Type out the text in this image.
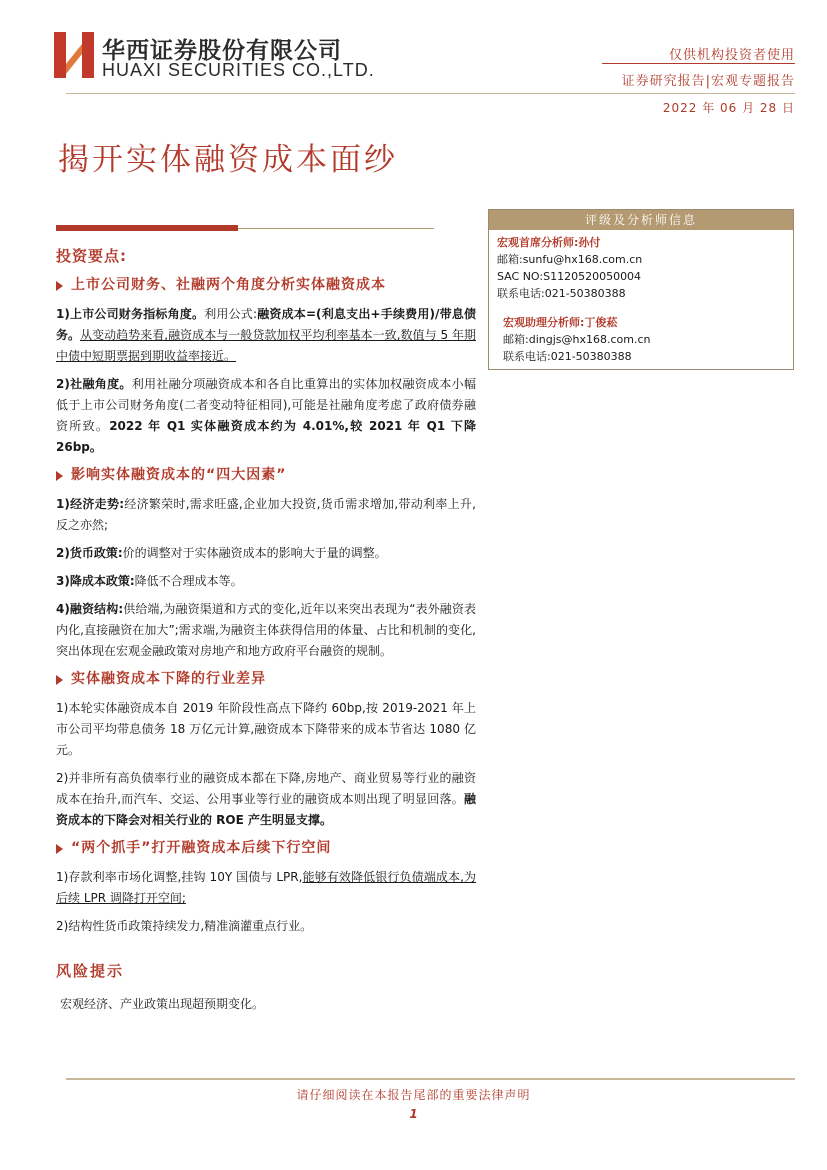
华西证券股份有限公司
HUAXI SECURITIES CO.,LTD.
仅供机构投资者使用
证券研究报告|宏观专题报告
2022 年 06 月 28 日
揭开实体融资成本面纱
投资要点:
上市公司财务、社融两个角度分析实体融资成本

1)上市公司财务指标角度。利用公式:融资成本=(利息支出+手续费用)/带息债务。从变动趋势来看,融资成本与一般贷款加权平均利率基本一致,数值与 5 年期中债中短期票据到期收益率接近。

2)社融角度。利用社融分项融资成本和各自比重算出的实体加权融资成本小幅低于上市公司财务角度(二者变动特征相同),可能是社融角度考虑了政府债券融资所致。2022 年 Q1 实体融资成本约为 4.01%,较 2021 年 Q1 下降 26bp。

影响实体融资成本的“四大因素”

1)经济走势:经济繁荣时,需求旺盛,企业加大投资,货币需求增加,带动利率上升,反之亦然;

2)货币政策:价的调整对于实体融资成本的影响大于量的调整。

3)降成本政策:降低不合理成本等。

4)融资结构:供给端,为融资渠道和方式的变化,近年以来突出表现为“表外融资表内化,直接融资在加大”;需求端,为融资主体获得信用的体量、占比和机制的变化,突出体现在宏观金融政策对房地产和地方政府平台融资的规制。

实体融资成本下降的行业差异

1)本轮实体融资成本自 2019 年阶段性高点下降约 60bp,按 2019-2021 年上市公司平均带息债务 18 万亿元计算,融资成本下降带来的成本节省达 1080 亿元。

2)并非所有高负债率行业的融资成本都在下降,房地产、商业贸易等行业的融资成本在抬升,而汽车、交运、公用事业等行业的融资成本则出现了明显回落。融资成本的下降会对相关行业的 ROE 产生明显支撑。

“两个抓手”打开融资成本后续下行空间

1)存款利率市场化调整,挂钩 10Y 国债与 LPR,能够有效降低银行负债端成本,为后续 LPR 调降打开空间;

2)结构性货币政策持续发力,精准滴灌重点行业。

风险提示
宏观经济、产业政策出现超预期变化。
评级及分析师信息
宏观首席分析师:孙付
邮箱:sunfu@hx168.com.cn
SAC NO:S1120520050004
联系电话:021-50380388
宏观助理分析师:丁俊菘
邮箱:dingjs@hx168.com.cn
联系电话:021-50380388
请仔细阅读在本报告尾部的重要法律声明
1
